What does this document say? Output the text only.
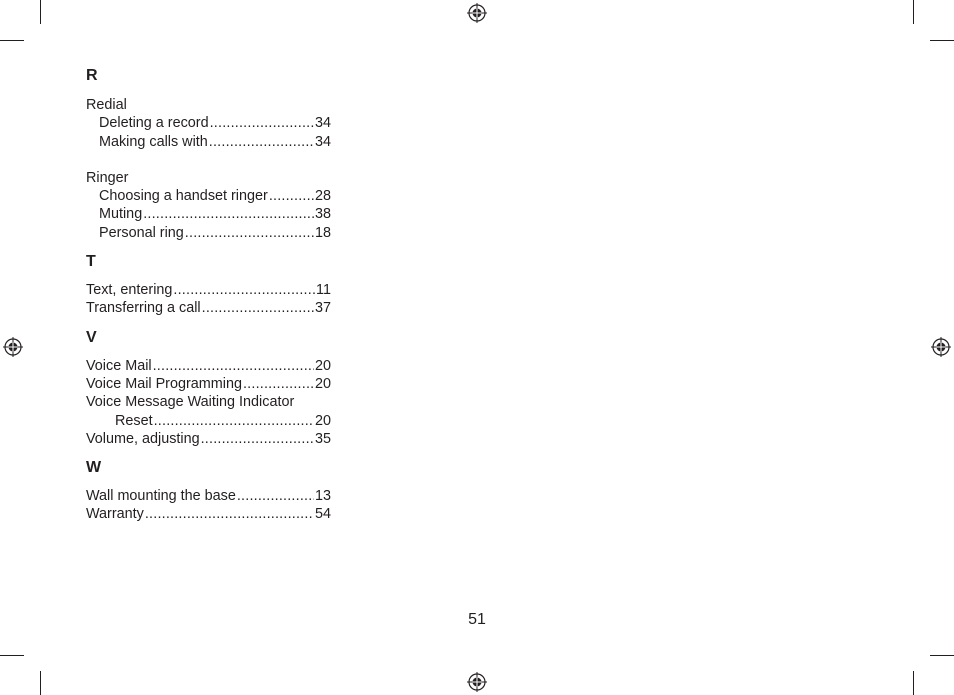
R
Redial
Deleting a record .....	34
Making calls with .....	34
Ringer
Choosing a handset ringer .....	28
Muting .....	38
Personal ring .....	18
T
Text, entering .....	11
Transferring a call .....	37
V
Voice Mail .....	20
Voice Mail Programming .....	20
Voice Message Waiting Indicator
Reset .....	20
Volume, adjusting .....	35
W
Wall mounting the base .....	13
Warranty .....	54
51
